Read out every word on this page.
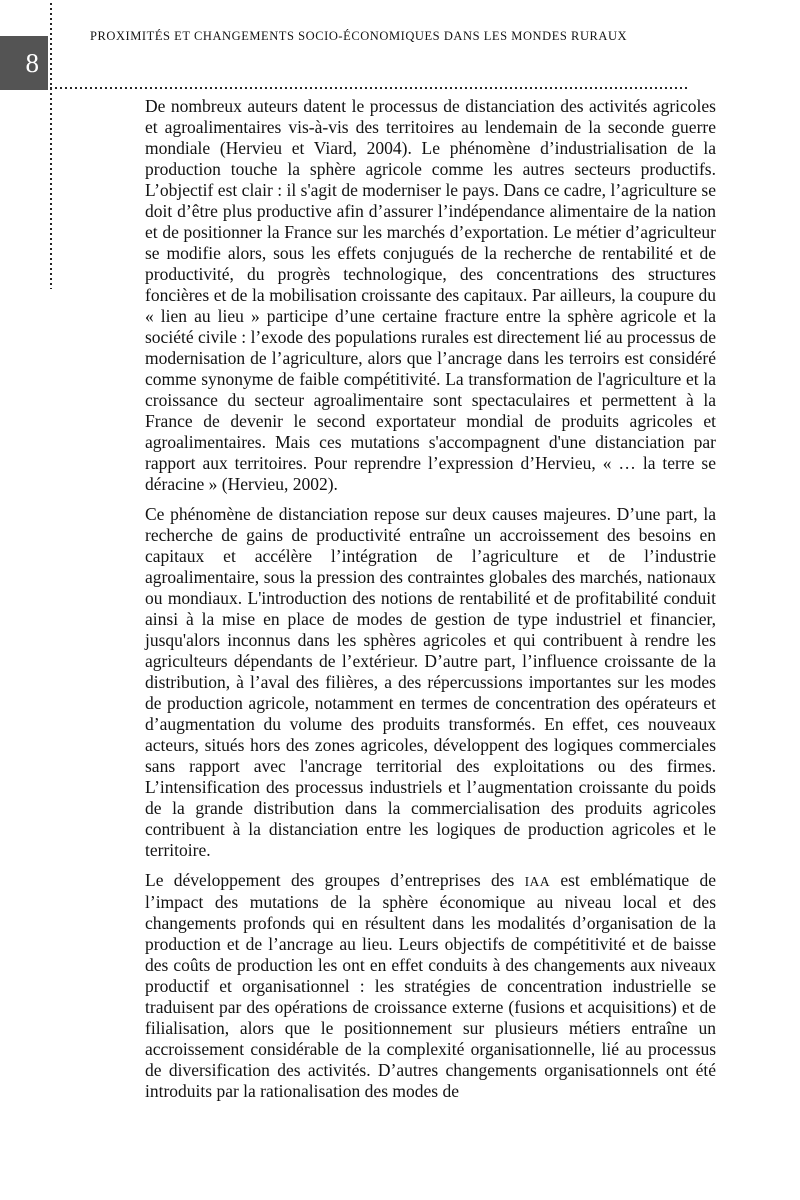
8
PROXIMITÉS ET CHANGEMENTS SOCIO-ÉCONOMIQUES DANS LES MONDES RURAUX

De nombreux auteurs datent le processus de distanciation des activités agricoles et agroalimentaires vis-à-vis des territoires au lendemain de la seconde guerre mondiale (Hervieu et Viard, 2004). Le phénomène d’industrialisation de la production touche la sphère agricole comme les autres secteurs productifs. L’objectif est clair : il s'agit de moderniser le pays. Dans ce cadre, l’agriculture se doit d’être plus productive afin d’assurer l’indépendance alimentaire de la nation et de positionner la France sur les marchés d’exportation. Le métier d’agriculteur se modifie alors, sous les effets conjugués de la recherche de rentabilité et de productivité, du progrès technologique, des concentrations des structures foncières et de la mobilisation croissante des capitaux. Par ailleurs, la coupure du « lien au lieu » participe d’une certaine fracture entre la sphère agricole et la société civile : l’exode des populations rurales est directement lié au processus de modernisation de l’agriculture, alors que l’ancrage dans les terroirs est considéré comme synonyme de faible compétitivité. La transformation de l'agriculture et la croissance du secteur agroalimentaire sont spectaculaires et permettent à la France de devenir le second exportateur mondial de produits agricoles et agroalimentaires. Mais ces mutations s'accompagnent d'une distanciation par rapport aux territoires. Pour reprendre l’expression d’Hervieu, « … la terre se déracine » (Hervieu, 2002).

Ce phénomène de distanciation repose sur deux causes majeures. D’une part, la recherche de gains de productivité entraîne un accroissement des besoins en capitaux et accélère l’intégration de l’agriculture et de l’industrie agroalimentaire, sous la pression des contraintes globales des marchés, nationaux ou mondiaux. L'introduction des notions de rentabilité et de profitabilité conduit ainsi à la mise en place de modes de gestion de type industriel et financier, jusqu'alors inconnus dans les sphères agricoles et qui contribuent à rendre les agriculteurs dépendants de l’extérieur. D’autre part, l’influence croissante de la distribution, à l’aval des filières, a des répercussions importantes sur les modes de production agricole, notamment en termes de concentration des opérateurs et d’augmentation du volume des produits transformés. En effet, ces nouveaux acteurs, situés hors des zones agricoles, développent des logiques commerciales sans rapport avec l'ancrage territorial des exploitations ou des firmes. L’intensification des processus industriels et l’augmentation croissante du poids de la grande distribution dans la commercialisation des produits agricoles contribuent à la distanciation entre les logiques de production agricoles et le territoire.

Le développement des groupes d’entreprises des IAA est emblématique de l’impact des mutations de la sphère économique au niveau local et des changements profonds qui en résultent dans les modalités d’organisation de la production et de l’ancrage au lieu. Leurs objectifs de compétitivité et de baisse des coûts de production les ont en effet conduits à des changements aux niveaux productif et organisationnel : les stratégies de concentration industrielle se traduisent par des opérations de croissance externe (fusions et acquisitions) et de filialisation, alors que le positionnement sur plusieurs métiers entraîne un accroissement considérable de la complexité organisationnelle, lié au processus de diversification des activités. D’autres changements organisationnels ont été introduits par la rationalisation des modes de
